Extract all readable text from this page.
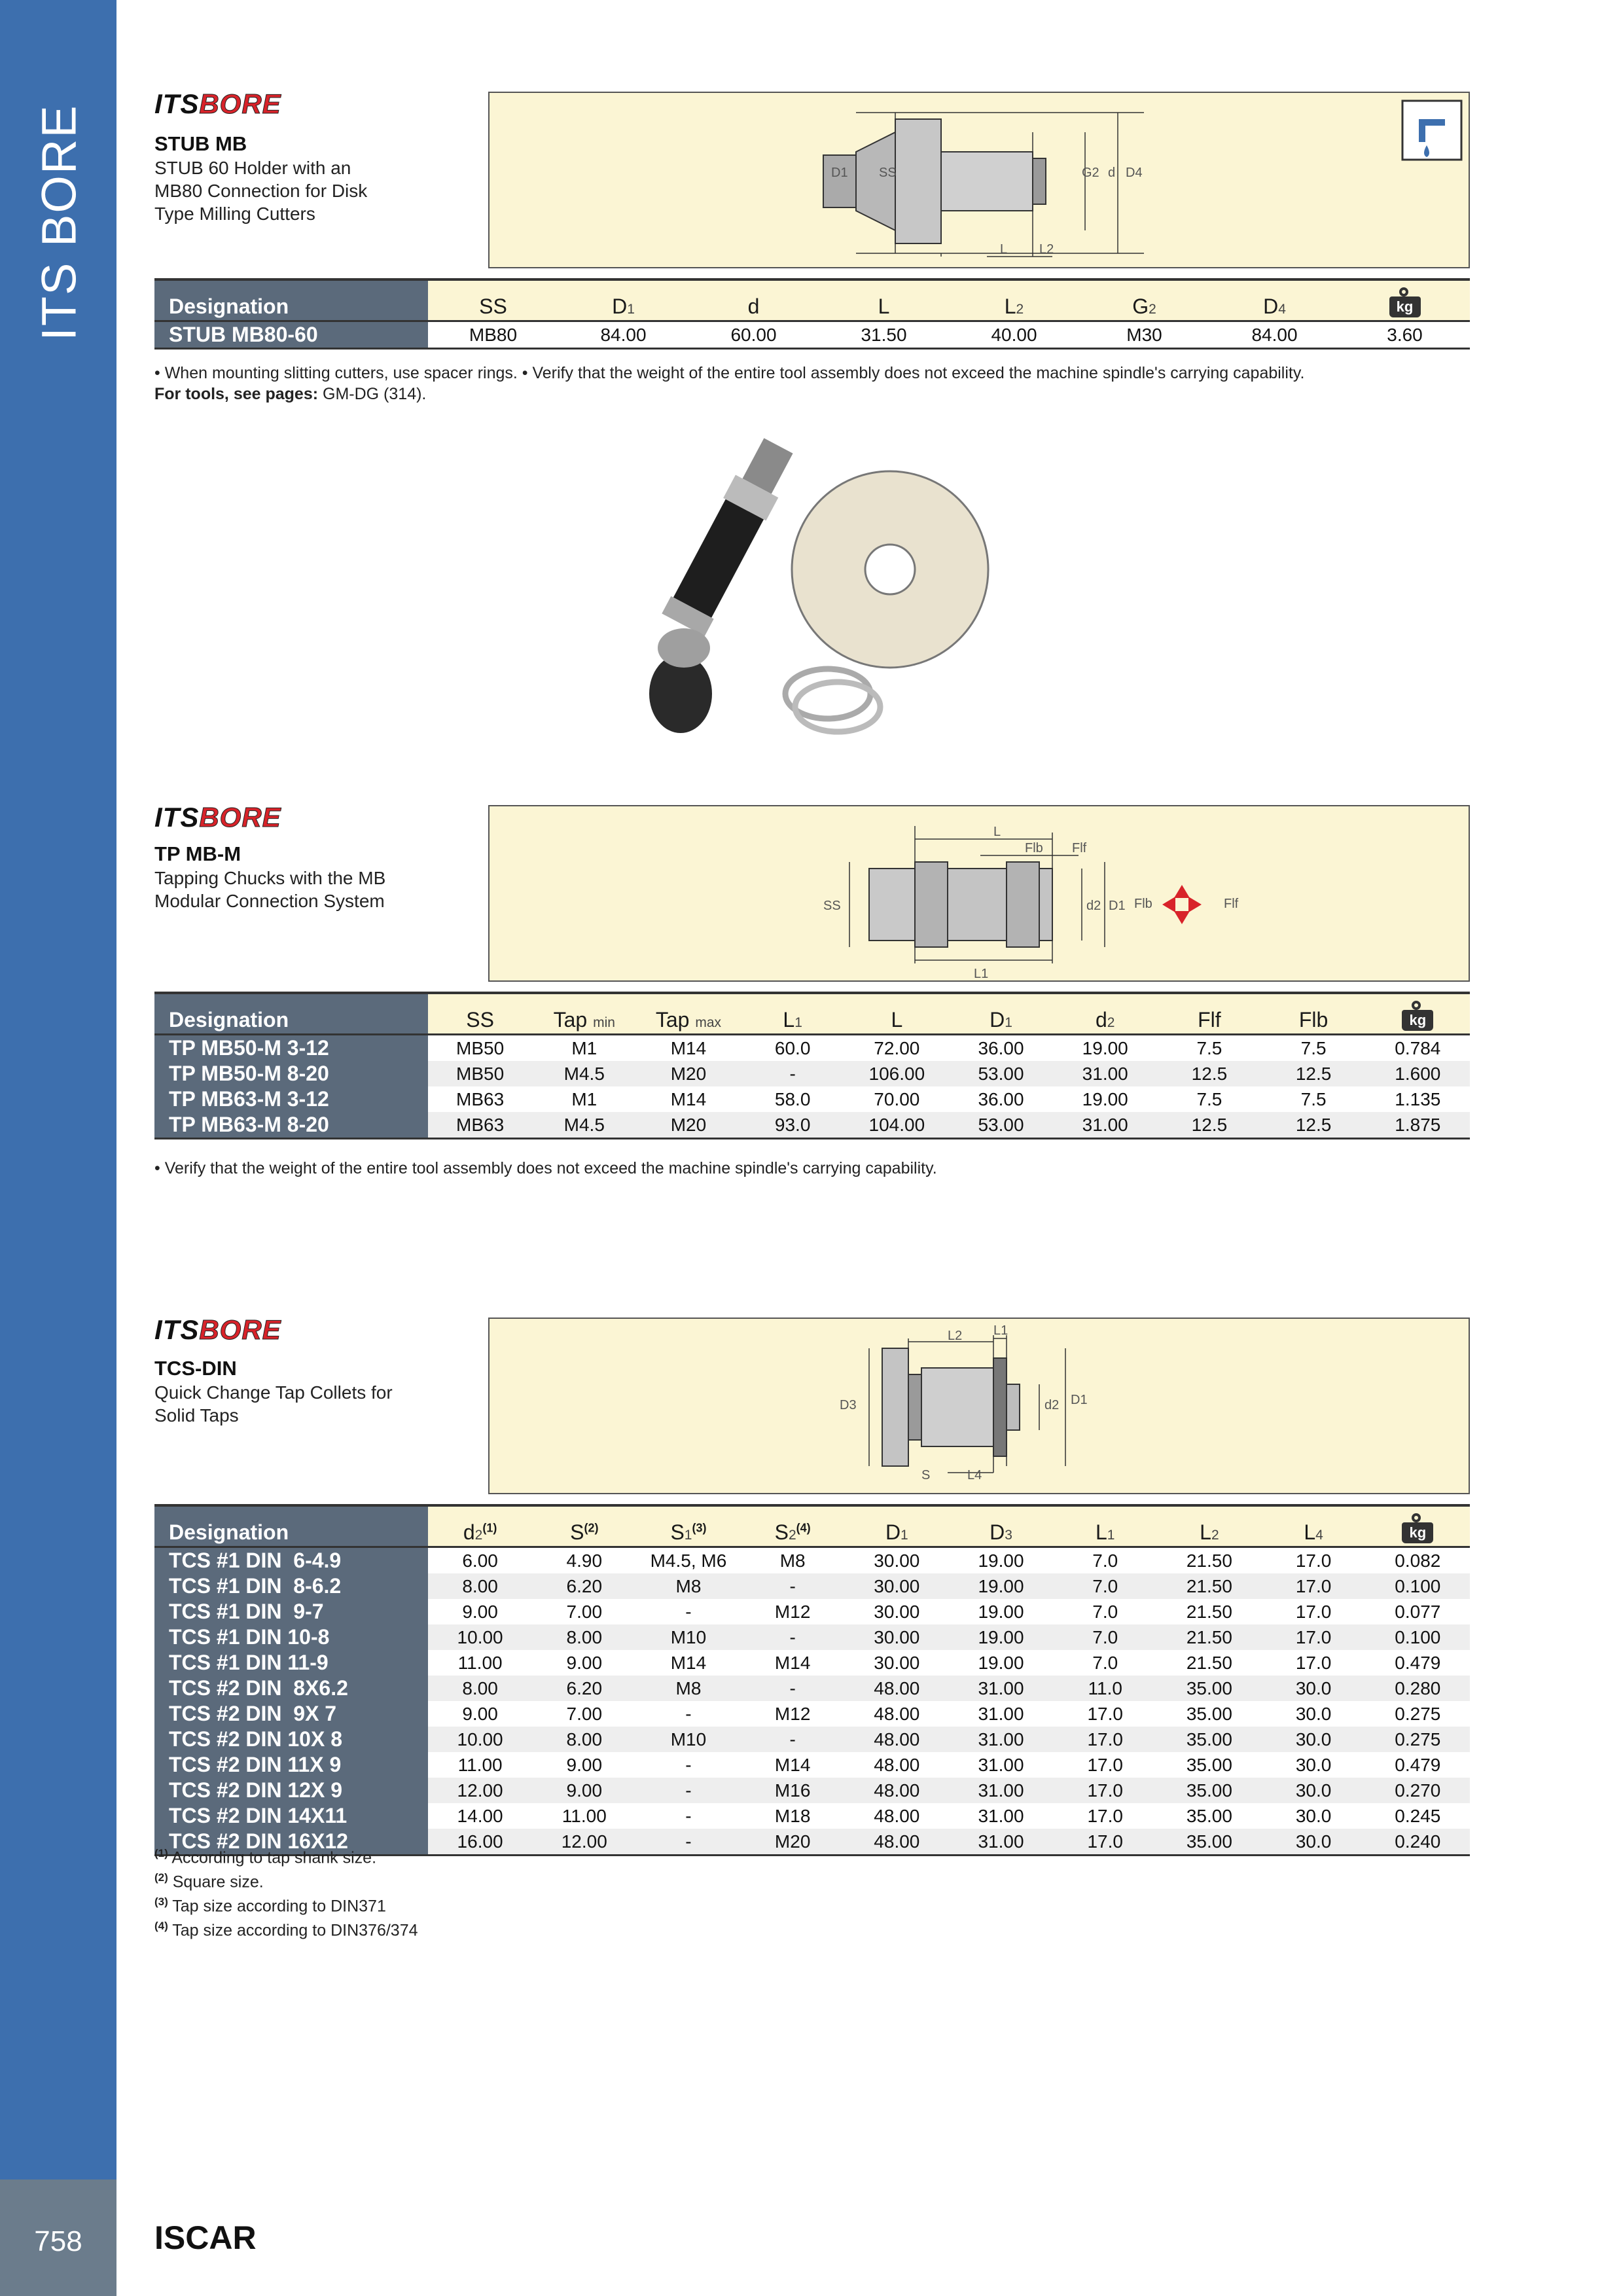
ITS BORE
758	ISCAR
ITSBORE
STUB MB
STUB 60 Holder with an MB80 Connection for Disk Type Milling Cutters
D1 SS	G2 d D4
L L2
Designation	SS	D1	d	L	L2	G2	D4	kg

STUB MB80-60	MB80	84.00	60.00	31.50	40.00	M30	84.00	3.60
• When mounting slitting cutters, use spacer rings. • Verify that the weight of the entire tool assembly does not exceed the machine spindle's carrying capability.
For tools, see pages: GM-DG (314).
ITSBORE
TP MB-M
Tapping Chucks with the MB Modular Connection System
L
Flb Flf
SS	d2 D1
L1
Flb	Flf
Designation	SS	Tap min	Tap max	L1	L	D1	d2	Flf	Flb	kg

TP MB50-M 3-12	MB50	M1	M14	60.0	72.00	36.00	19.00	7.5	7.5	0.784
TP MB50-M 8-20	MB50	M4.5	M20	-	106.00	53.00	31.00	12.5	12.5	1.600
TP MB63-M 3-12	MB63	M1	M14	58.0	70.00	36.00	19.00	7.5	7.5	1.135
TP MB63-M 8-20	MB63	M4.5	M20	93.0	104.00	53.00	31.00	12.5	12.5	1.875
• Verify that the weight of the entire tool assembly does not exceed the machine spindle's carrying capability.
ITSBORE
TCS-DIN
Quick Change Tap Collets for Solid Taps
L2 L1
D3	d2 D1
S	L4
Designation	d2$^{(1)}$	$S^{(2)}$	S1$^{(3)}$	S2$^{(4)}$	D1	D3	L1	L2	L4	kg

TCS #1 DIN  6-4.9	6.00	4.90	M4.5, M6	M8	30.00	19.00	7.0	21.50	17.0	0.082
TCS #1 DIN  8-6.2	8.00	6.20	M8	-	30.00	19.00	7.0	21.50	17.0	0.100
TCS #1 DIN  9-7	9.00	7.00	-	M12	30.00	19.00	7.0	21.50	17.0	0.077
TCS #1 DIN 10-8	10.00	8.00	M10	-	30.00	19.00	7.0	21.50	17.0	0.100
TCS #1 DIN 11-9	11.00	9.00	M14	M14	30.00	19.00	7.0	21.50	17.0	0.479
TCS #2 DIN  8X6.2	8.00	6.20	M8	-	48.00	31.00	11.0	35.00	30.0	0.280
TCS #2 DIN  9X 7	9.00	7.00	-	M12	48.00	31.00	17.0	35.00	30.0	0.275
TCS #2 DIN 10X 8	10.00	8.00	M10	-	48.00	31.00	17.0	35.00	30.0	0.275
TCS #2 DIN 11X 9	11.00	9.00	-	M14	48.00	31.00	17.0	35.00	30.0	0.479
TCS #2 DIN 12X 9	12.00	9.00	-	M16	48.00	31.00	17.0	35.00	30.0	0.270
TCS #2 DIN 14X11	14.00	11.00	-	M18	48.00	31.00	17.0	35.00	30.0	0.245
TCS #2 DIN 16X12	16.00	12.00	-	M20	48.00	31.00	17.0	35.00	30.0	0.240
$^{(1)}$ According to tap shank size.
$^{(2)}$ Square size.
$^{(3)}$ Tap size according to DIN371
$^{(4)}$ Tap size according to DIN376/374
